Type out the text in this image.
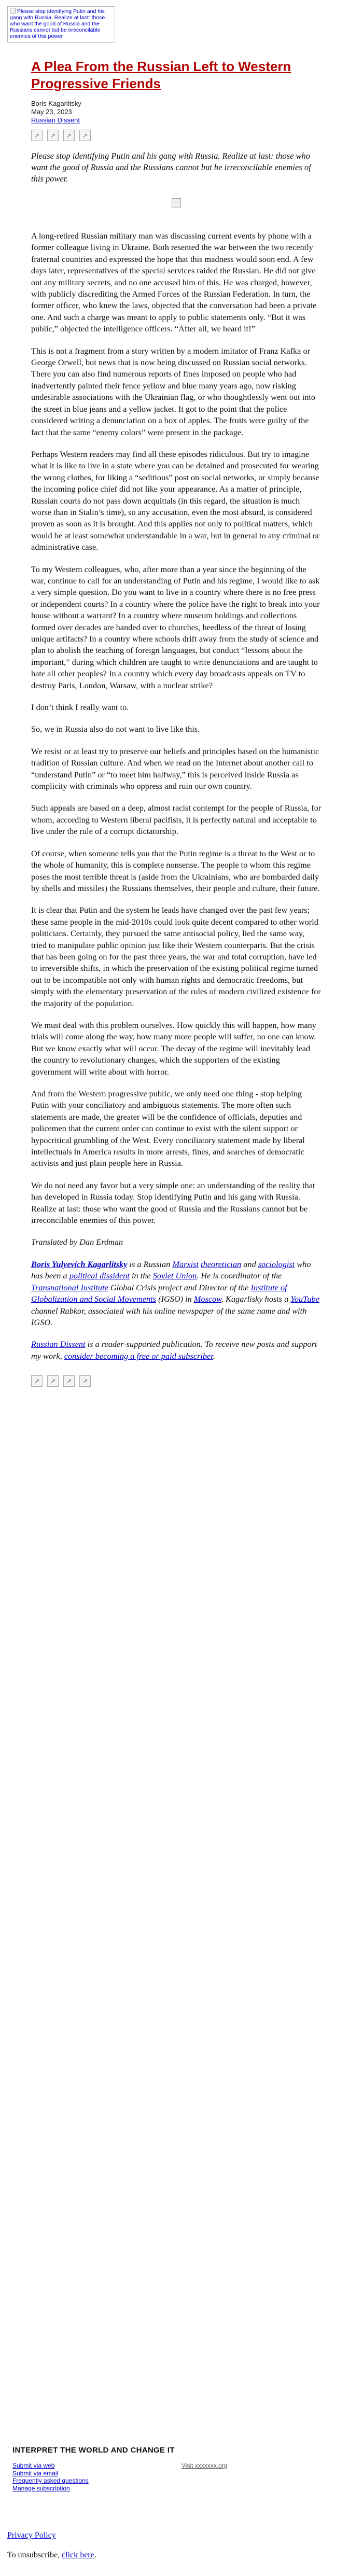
Please stop identifying Putin and his gang with Russia. Realize at last: those who want the good of Russia and the Russians cannot but be irreconcilable enemies of this power
A Plea From the Russian Left to Western Progressive Friends
Boris Kagarlitsky
May 23, 2023
Russian Dissent
↗ ↗ ↗ ↗
Please stop identifying Putin and his gang with Russia. Realize at last: those who want the good of Russia and the Russians cannot but be irreconcilable enemies of this power.

A long-retired Russian military man was discussing current events by phone with a former colleague living in Ukraine. Both resented the war between the two recently fraternal countries and expressed the hope that this madness would soon end. A few days later, representatives of the special services raided the Russian. He did not give out any military secrets, and no one accused him of this. He was charged, however, with publicly discrediting the Armed Forces of the Russian Federation. In turn, the former officer, who knew the laws, objected that the conversation had been a private one. And such a charge was meant to apply to public statements only. “But it was public,” objected the intelligence officers. “After all, we heard it!”

This is not a fragment from a story written by a modern imitator of Franz Kafka or George Orwell, but news that is now being discussed on Russian social networks. There you can also find numerous reports of fines imposed on people who had inadvertently painted their fence yellow and blue many years ago, now risking undesirable associations with the Ukrainian flag, or who thoughtlessly went out into the street in blue jeans and a yellow jacket. It got to the point that the police considered writing a denunciation on a box of apples. The fruits were guilty of the fact that the same “enemy colors” were present in the package.

Perhaps Western readers may find all these episodes ridiculous. But try to imagine what it is like to live in a state where you can be detained and prosecuted for wearing the wrong clothes, for liking a “seditious” post on social networks, or simply because the incoming police chief did not like your appearance. As a matter of principle, Russian courts do not pass down acquittals (in this regard, the situation is much worse than in Stalin’s time), so any accusation, even the most absurd, is considered proven as soon as it is brought. And this applies not only to political matters, which would be at least somewhat understandable in a war, but in general to any criminal or administrative case.

To my Western colleagues, who, after more than a year since the beginning of the war, continue to call for an understanding of Putin and his regime, I would like to ask a very simple question. Do you want to live in a country where there is no free press or independent courts? In a country where the police have the right to break into your house without a warrant? In a country where museum holdings and collections formed over decades are handed over to churches, heedless of the threat of losing unique artifacts? In a country where schools drift away from the study of science and plan to abolish the teaching of foreign languages, but conduct “lessons about the important,” during which children are taught to write denunciations and are taught to hate all other peoples? In a country which every day broadcasts appeals on TV to destroy Paris, London, Warsaw, with a nuclear strike?

I don’t think I really want to.

So, we in Russia also do not want to live like this.

We resist or at least try to preserve our beliefs and principles based on the humanistic tradition of Russian culture. And when we read on the Internet about another call to “understand Putin” or “to meet him halfway,” this is perceived inside Russia as complicity with criminals who oppress and ruin our own country.

Such appeals are based on a deep, almost racist contempt for the people of Russia, for whom, according to Western liberal pacifists, it is perfectly natural and acceptable to live under the rule of a corrupt dictatorship.

Of course, when someone tells you that the Putin regime is a threat to the West or to the whole of humanity, this is complete nonsense. The people to whom this regime poses the most terrible threat is (aside from the Ukrainians, who are bombarded daily by shells and missiles) the Russians themselves, their people and culture, their future.

It is clear that Putin and the system he leads have changed over the past few years; these same people in the mid-2010s could look quite decent compared to other world politicians. Certainly, they pursued the same antisocial policy, lied the same way, tried to manipulate public opinion just like their Western counterparts. But the crisis that has been going on for the past three years, the war and total corruption, have led to irreversible shifts, in which the preservation of the existing political regime turned out to be incompatible not only with human rights and democratic freedoms, but simply with the elementary preservation of the rules of modern civilized existence for the majority of the population.

We must deal with this problem ourselves. How quickly this will happen, how many trials will come along the way, how many more people will suffer, no one can know. But we know exactly what will occur. The decay of the regime will inevitably lead the country to revolutionary changes, which the supporters of the existing government will write about with horror.

And from the Western progressive public, we only need one thing - stop helping Putin with your conciliatory and ambiguous statements. The more often such statements are made, the greater will be the confidence of officials, deputies and policemen that the current order can continue to exist with the silent support or hypocritical grumbling of the West. Every conciliatory statement made by liberal intellectuals in America results in more arrests, fines, and searches of democratic activists and just plain people here in Russia.

We do not need any favor but a very simple one: an understanding of the reality that has developed in Russia today. Stop identifying Putin and his gang with Russia. Realize at last: those who want the good of Russia and the Russians cannot but be irreconcilable enemies of this power.

Translated by Dan Erdman

Boris Yulyevich Kagarlitsky is a Russian Marxist theoretician and sociologist who has been a political dissident in the Soviet Union. He is coordinator of the Transnational Institute Global Crisis project and Director of the Institute of Globalization and Social Movements (IGSO) in Moscow. Kagarlisky hosts a YouTube channel Rabkor, associated with his online newspaper of the same name and with IGSO.
Russian Dissent is a reader-supported publication. To receive new posts and support my work, consider becoming a free or paid subscriber.
↗ ↗ ↗ ↗
INTERPRET THE WORLD AND CHANGE IT
Submit via web
Submit via email
Frequently asked questions
Manage subscription
Visit xxxxxxx.org
Privacy Policy
To unsubscribe, click here.
